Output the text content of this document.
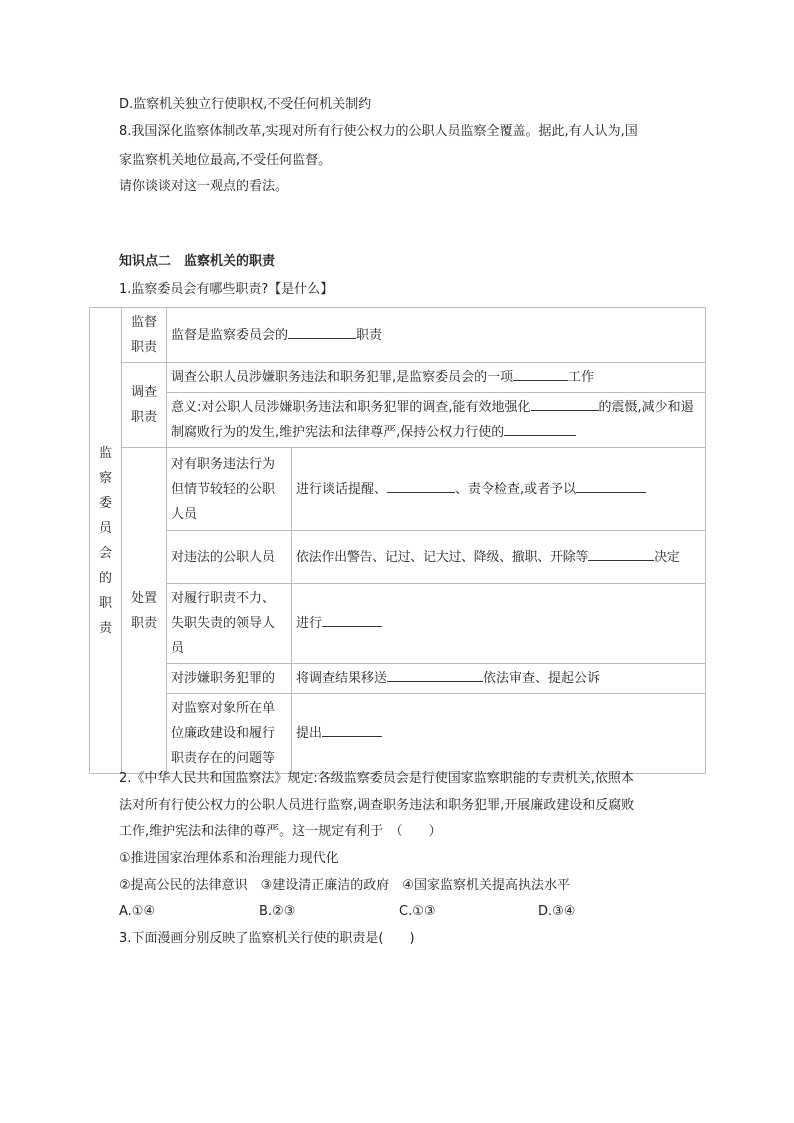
D.监察机关独立行使职权,不受任何机关制约
8.我国深化监察体制改革,实现对所有行使公权力的公职人员监察全覆盖。据此,有人认为,国
家监察机关地位最高,不受任何监督。
请你谈谈对这一观点的看法。
知识点二　监察机关的职责
1.监察委员会有哪些职责?【是什么】
监察委员会的职责	监督职责	监督是监察委员会的 职责	
	调查职责	调查公职人员涉嫌职务违法和职务犯罪,是监察委员会的一项 工作	
		意义:对公职人员涉嫌职务违法和职务犯罪的调查,能有效地强化 的震慑,减少和遏制腐败行为的发生,维护宪法和法律尊严,保持公权力行使的	
	处置职责	对有职务违法行为但情节较轻的公职人员	进行谈话提醒、 、责令检查,或者予以
		对违法的公职人员	依法作出警告、记过、记大过、降级、撤职、开除等 决定
		对履行职责不力、失职失责的领导人员	进行
		对涉嫌职务犯罪的	将调查结果移送 依法审查、提起公诉
		对监察对象所在单位廉政建设和履行职责存在的问题等	提出
2.《中华人民共和国监察法》规定:各级监察委员会是行使国家监察职能的专责机关,依照本
法对所有行使公权力的公职人员进行监察,调查职务违法和职务犯罪,开展廉政建设和反腐败
工作,维护宪法和法律的尊严。这一规定有利于　（　　）
①推进国家治理体系和治理能力现代化
②提高公民的法律意识　③建设清正廉洁的政府　④国家监察机关提高执法水平
A.①④	B.②③	C.①③	D.③④
3.下面漫画分别反映了监察机关行使的职责是(　　)
